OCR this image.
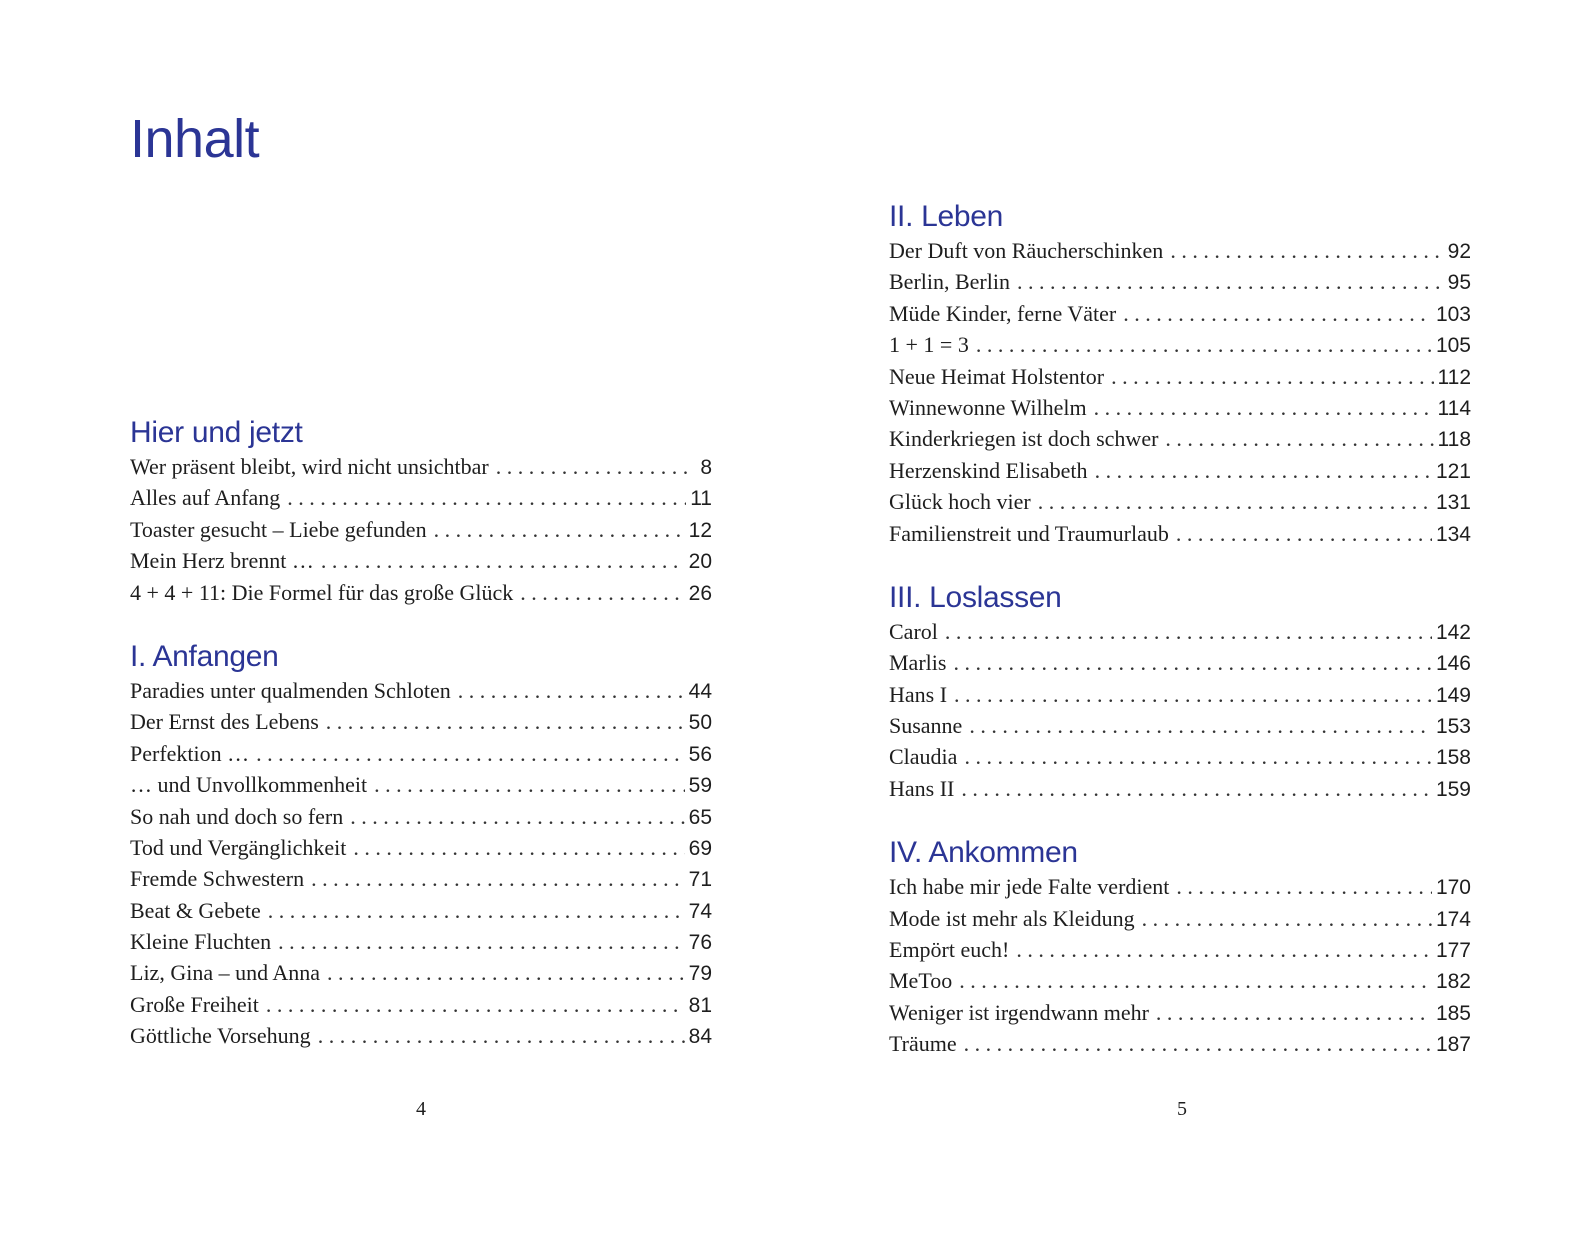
Inhalt
Hier und jetzt
Wer präsent bleibt, wird nicht unsichtbar . . .	8
Alles auf Anfang . . .	11
Toaster gesucht – Liebe gefunden . . .	12
Mein Herz brennt … . . .	20
4 + 4 + 11: Die Formel für das große Glück . . .	26
I. Anfangen
Paradies unter qualmenden Schloten . . .	44
Der Ernst des Lebens . . .	50
Perfektion … . . .	56
… und Unvollkommenheit . . .	59
So nah und doch so fern . . .	65
Tod und Vergänglichkeit . . .	69
Fremde Schwestern . . .	71
Beat & Gebete . . .	74
Kleine Fluchten . . .	76
Liz, Gina – und Anna . . .	79
Große Freiheit . . .	81
Göttliche Vorsehung . . .	84
II. Leben
Der Duft von Räucherschinken . . .	92
Berlin, Berlin . . .	95
Müde Kinder, ferne Väter . . .	103
1 + 1 = 3 . . .	105
Neue Heimat Holstentor . . .	112
Winnewonne Wilhelm . . .	114
Kinderkriegen ist doch schwer . . .	118
Herzenskind Elisabeth . . .	121
Glück hoch vier . . .	131
Familienstreit und Traumurlaub . . .	134
III. Loslassen
Carol . . .	142
Marlis . . .	146
Hans I . . .	149
Susanne . . .	153
Claudia . . .	158
Hans II . . .	159
IV. Ankommen
Ich habe mir jede Falte verdient . . .	170
Mode ist mehr als Kleidung . . .	174
Empört euch! . . .	177
MeToo . . .	182
Weniger ist irgendwann mehr . . .	185
Träume . . .	187
4	5
